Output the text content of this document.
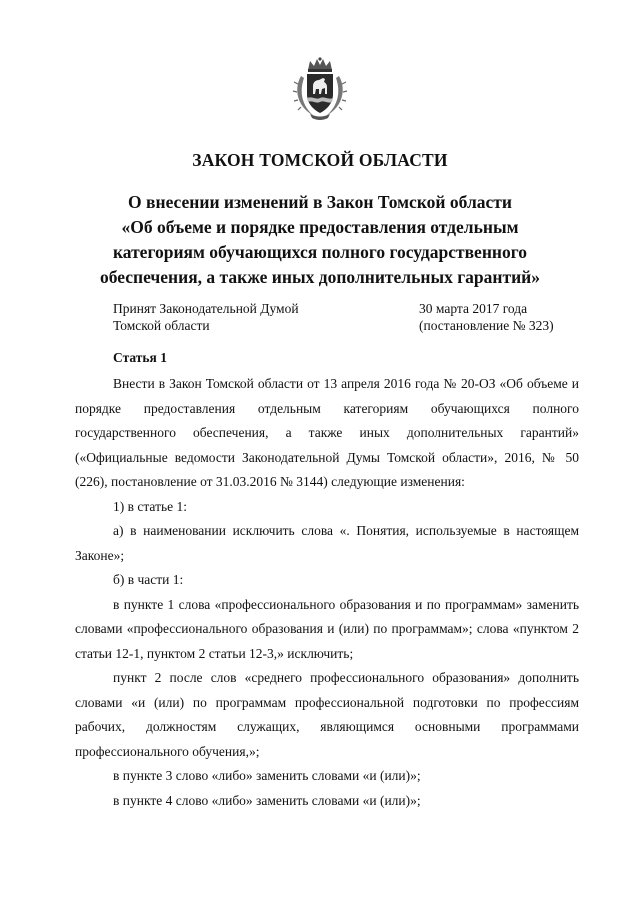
ЗАКОН ТОМСКОЙ ОБЛАСТИ
О внесении изменений в Закон Томской области
«Об объеме и порядке предоставления отдельным
категориям обучающихся полного государственного
обеспечения, а также иных дополнительных гарантий»
Принят Законодательной Думой
Томской области
30 марта 2017 года
(постановление № 323)
Статья 1

Внести в Закон Томской области от 13 апреля 2016 года № 20-ОЗ «Об объеме и порядке предоставления отдельным категориям обучающихся полного государственного обеспечения, а также иных дополнительных гарантий» («Официальные ведомости Законодательной Думы Томской области», 2016, № 50 (226), постановление от 31.03.2016 № 3144) следующие изменения:

1) в статье 1:

а) в наименовании исключить слова «. Понятия, используемые в настоящем Законе»;

б) в части 1:

в пункте 1 слова «профессионального образования и по программам» заменить словами «профессионального образования и (или) по программам»; слова «пунктом 2 статьи 12-1, пунктом 2 статьи 12-3,» исключить;

пункт 2 после слов «среднего профессионального образования» дополнить словами «и (или) по программам профессиональной подготовки по профессиям рабочих, должностям служащих, являющимся основными программами профессионального обучения,»;

в пункте 3 слово «либо» заменить словами «и (или)»;

в пункте 4 слово «либо» заменить словами «и (или)»;
